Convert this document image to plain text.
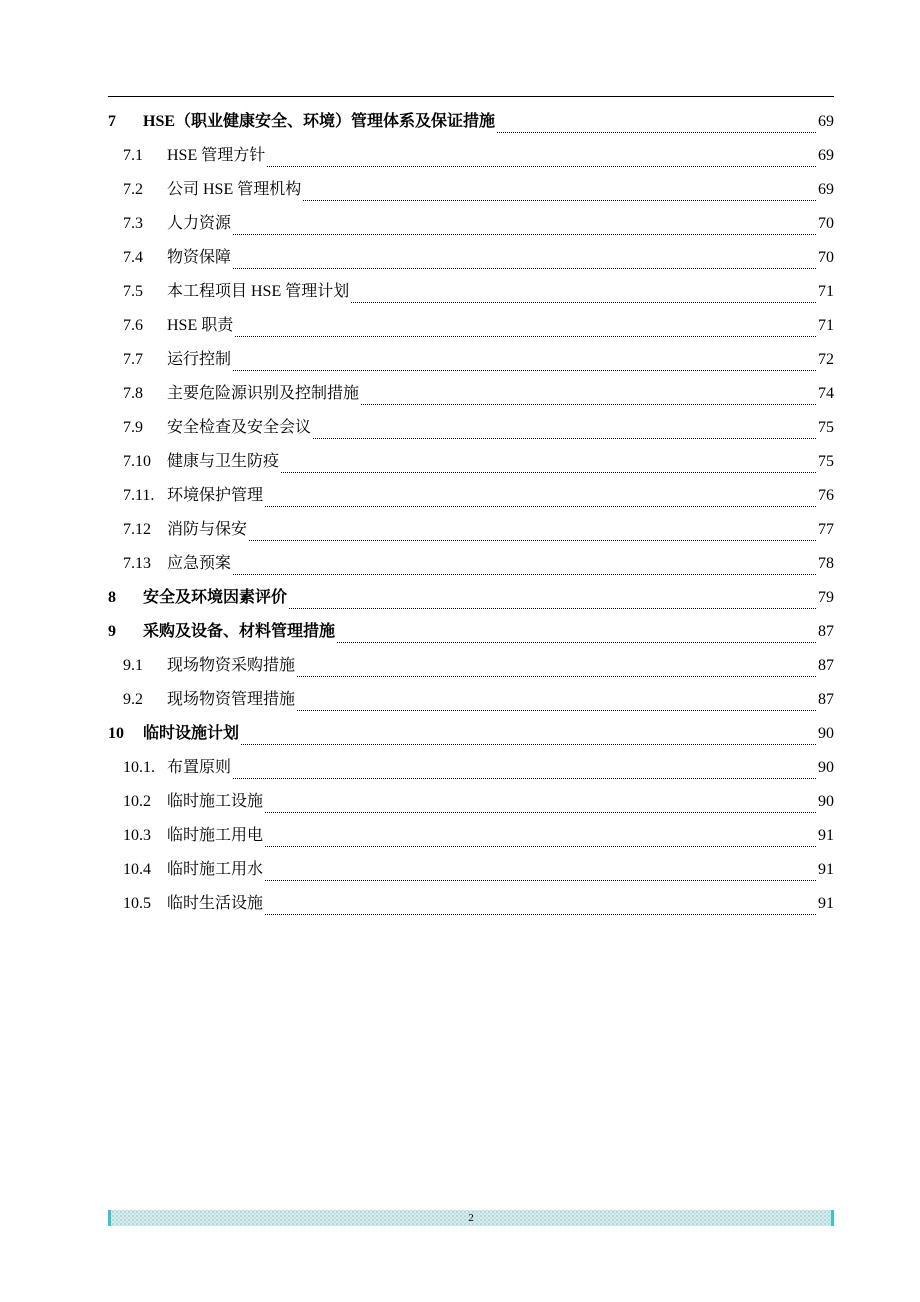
7	HSE（职业健康安全、环境）管理体系及保证措施	69
7.1	HSE 管理方针	69
7.2	公司 HSE 管理机构	69
7.3	人力资源	70
7.4	物资保障	70
7.5	本工程项目 HSE 管理计划	71
7.6	HSE 职责	71
7.7	运行控制	72
7.8	主要危险源识别及控制措施	74
7.9	安全检查及安全会议	75
7.10	健康与卫生防疫	75
7.11. 环境保护管理	76
7.12	消防与保安	77
7.13	应急预案	78
8	安全及环境因素评价	79
9	采购及设备、材料管理措施	87
9.1	现场物资采购措施	87
9.2	现场物资管理措施	87
10	临时设施计划	90
10.1. 布置原则	90
10.2	临时施工设施	90
10.3	临时施工用电	91
10.4	临时施工用水	91
10.5	临时生活设施	91
2
